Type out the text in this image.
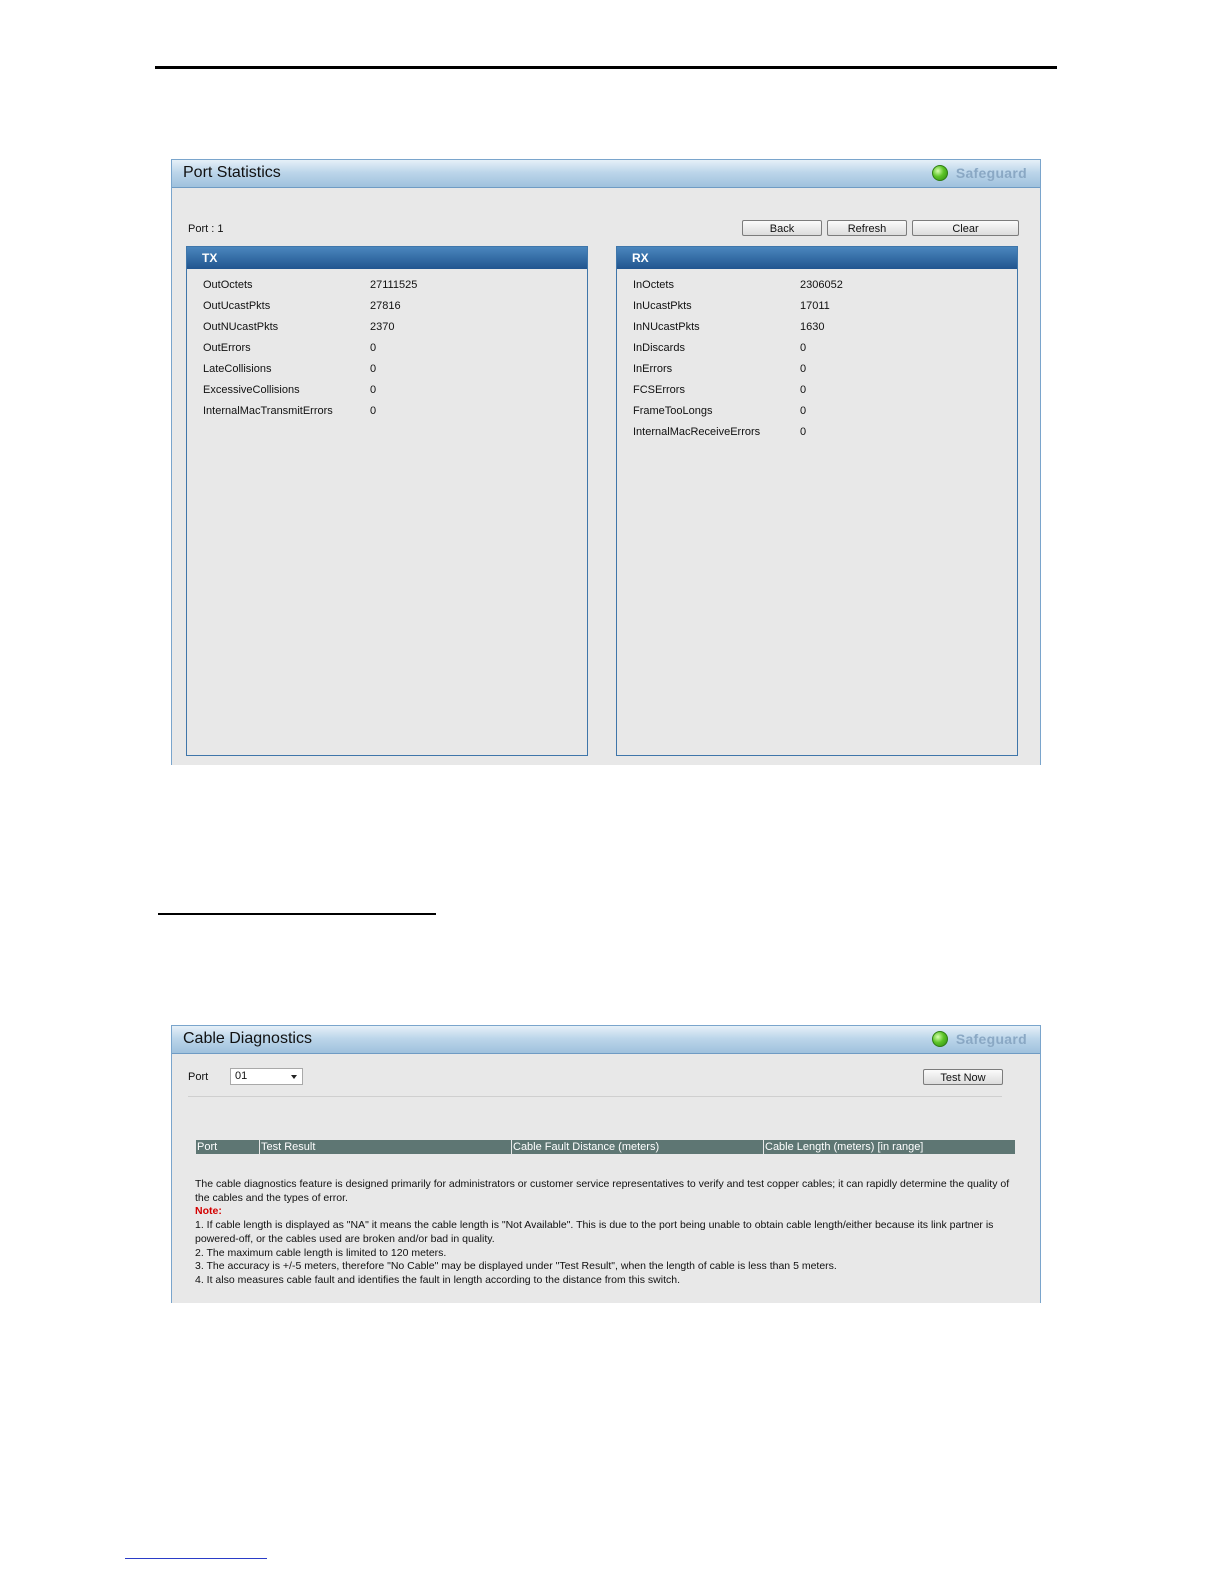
Port Statistics	Safeguard
Port : 1	Back	Refresh	Clear
TX
OutOctets	27111525
OutUcastPkts	27816
OutNUcastPkts	2370
OutErrors	0
LateCollisions	0
ExcessiveCollisions	0
InternalMacTransmitErrors	0
RX
InOctets	2306052
InUcastPkts	17011
InNUcastPkts	1630
InDiscards	0
InErrors	0
FCSErrors	0
FrameTooLongs	0
InternalMacReceiveErrors	0
Cable Diagnostics	Safeguard
Port	01	Test Now
Port	Test Result	Cable Fault Distance (meters)	Cable Length (meters) [in range]

The cable diagnostics feature is designed primarily for administrators or customer service representatives to verify and test copper cables; it can rapidly determine the quality of the cables and the types of error.

Note:

1. If cable length is displayed as "NA" it means the cable length is "Not Available". This is due to the port being unable to obtain cable length/either because its link partner is powered-off, or the cables used are broken and/or bad in quality.

2. The maximum cable length is limited to 120 meters.

3. The accuracy is +/-5 meters, therefore "No Cable" may be displayed under "Test Result", when the length of cable is less than 5 meters.

4. It also measures cable fault and identifies the fault in length according to the distance from this switch.
